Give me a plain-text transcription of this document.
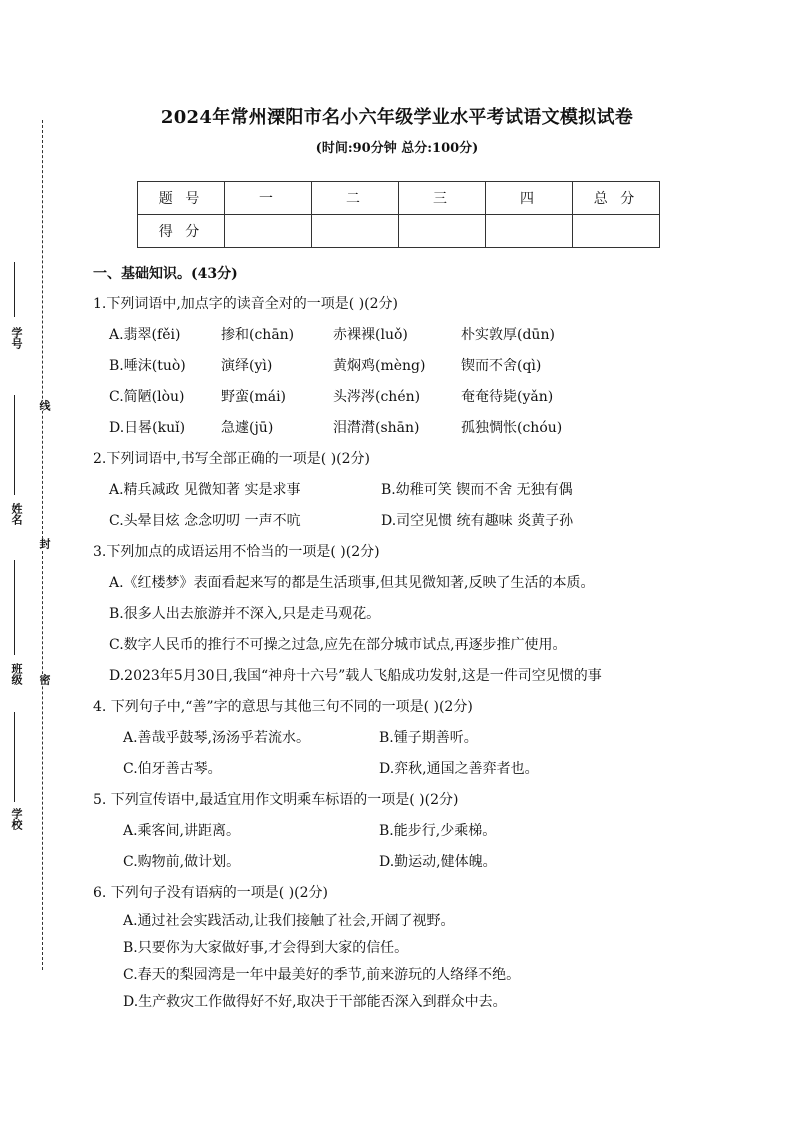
线
封
密
学号
姓名
班级
学校
2024年常州溧阳市名小六年级学业水平考试语文模拟试卷
(时间:90分钟 总分:100分)
题 号	一	二	三	四	总 分
得 分					
一、基础知识。(43分)
1.下列词语中,加点字的读音全对的一项是( )(2分)
A.翡翠(fěi)	掺和(chān)	赤裸裸(luǒ)	朴实敦厚(dūn)
B.唾沫(tuò)	演绎(yì)	黄焖鸡(mèng)	锲而不舍(qì)
C.简陋(lòu)	野蛮(mái)	头涔涔(chén)	奄奄待毙(yǎn)
D.日晷(kuǐ)	急遽(jū)	泪潸潸(shān)	孤独惆怅(chóu)
2.下列词语中,书写全部正确的一项是( )(2分)
A.精兵减政 见微知著 实是求事	B.幼稚可笑 锲而不舍 无独有偶
C.头晕目炫 念念叨叨 一声不吭	D.司空见惯 统有趣味 炎黄子孙
3.下列加点的成语运用不恰当的一项是( )(2分)
A.《红楼梦》表面看起来写的都是生活琐事,但其见微知著,反映了生活的本质。
B.很多人出去旅游并不深入,只是走马观花。
C.数字人民币的推行不可操之过急,应先在部分城市试点,再逐步推广使用。
D.2023年5月30日,我国“神舟十六号”载人飞船成功发射,这是一件司空见惯的事
4. 下列句子中,“善”字的意思与其他三句不同的一项是( )(2分)
A.善哉乎鼓琴,汤汤乎若流水。	B.锺子期善听。
C.伯牙善古琴。	D.弈秋,通国之善弈者也。
5. 下列宣传语中,最适宜用作文明乘车标语的一项是( )(2分)
A.乘客间,讲距离。	B.能步行,少乘梯。
C.购物前,做计划。	D.勤运动,健体魄。
6. 下列句子没有语病的一项是( )(2分)
A.通过社会实践活动,让我们接触了社会,开阔了视野。
B.只要你为大家做好事,才会得到大家的信任。
C.春天的梨园湾是一年中最美好的季节,前来游玩的人络绎不绝。
D.生产救灾工作做得好不好,取决于干部能否深入到群众中去。
